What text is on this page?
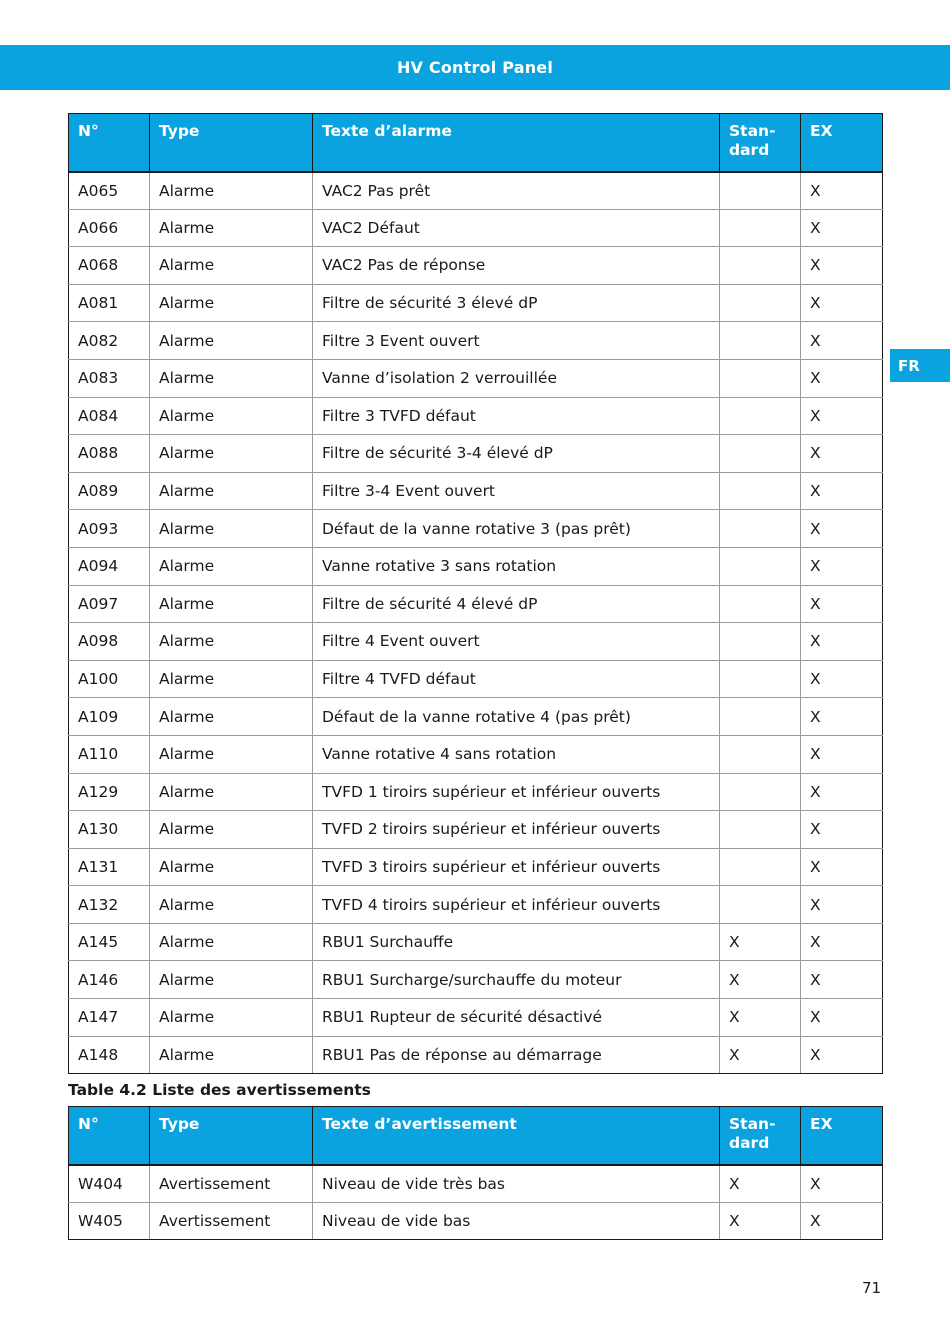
HV Control Panel
FR
N°	Type	Texte d’alarme	Stan-
dard	EX
A065	Alarme	VAC2 Pas prêt		X
A066	Alarme	VAC2 Défaut		X
A068	Alarme	VAC2 Pas de réponse		X
A081	Alarme	Filtre de sécurité 3 élevé dP		X
A082	Alarme	Filtre 3 Event ouvert		X
A083	Alarme	Vanne d’isolation 2 verrouillée		X
A084	Alarme	Filtre 3 TVFD défaut		X
A088	Alarme	Filtre de sécurité 3-4 élevé dP		X
A089	Alarme	Filtre 3-4 Event ouvert		X
A093	Alarme	Défaut de la vanne rotative 3 (pas prêt)		X
A094	Alarme	Vanne rotative 3 sans rotation		X
A097	Alarme	Filtre de sécurité 4 élevé dP		X
A098	Alarme	Filtre 4 Event ouvert		X
A100	Alarme	Filtre 4 TVFD défaut		X
A109	Alarme	Défaut de la vanne rotative 4 (pas prêt)		X
A110	Alarme	Vanne rotative 4 sans rotation		X
A129	Alarme	TVFD 1 tiroirs supérieur et inférieur ouverts		X
A130	Alarme	TVFD 2 tiroirs supérieur et inférieur ouverts		X
A131	Alarme	TVFD 3 tiroirs supérieur et inférieur ouverts		X
A132	Alarme	TVFD 4 tiroirs supérieur et inférieur ouverts		X
A145	Alarme	RBU1 Surchauffe	X	X
A146	Alarme	RBU1 Surcharge/surchauffe du moteur	X	X
A147	Alarme	RBU1 Rupteur de sécurité désactivé	X	X
A148	Alarme	RBU1 Pas de réponse au démarrage	X	X
Table 4.2 Liste des avertissements
N°	Type	Texte d’avertissement	Stan-
dard	EX
W404	Avertissement	Niveau de vide très bas	X	X
W405	Avertissement	Niveau de vide bas	X	X
71
